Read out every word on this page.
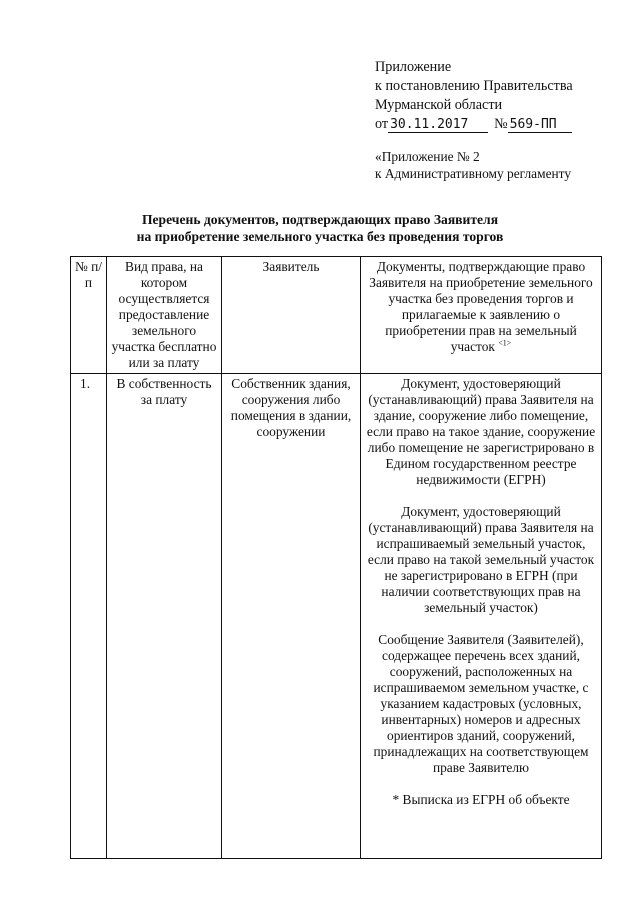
Приложение
к постановлению Правительства
Мурманской области
от 30.11.2017 № 569-ПП
«Приложение № 2
к Административному регламенту
Перечень документов, подтверждающих право Заявителя
на приобретение земельного участка без проведения торгов
№ п/п	Вид права, на котором осуществляется предоставление земельного участка бесплатно или за плату	Заявитель	Документы, подтверждающие право Заявителя на приобретение земельного участка без проведения торгов и прилагаемые к заявлению о приобретении прав на земельный участок $^{<1>}$
1.	В собственность за плату	Собственник здания, сооружения либо помещения в здании, сооружении	Документ, удостоверяющий (устанавливающий) права Заявителя на здание, сооружение либо помещение, если право на такое здание, сооружение либо помещение не зарегистрировано в Едином государственном реестре недвижимости (ЕГРН)

Документ, удостоверяющий (устанавливающий) права Заявителя на испрашиваемый земельный участок, если право на такой земельный участок не зарегистрировано в ЕГРН (при наличии соответствующих прав на земельный участок)

Сообщение Заявителя (Заявителей), содержащее перечень всех зданий, сооружений, расположенных на испрашиваемом земельном участке, с указанием кадастровых (условных, инвентарных) номеров и адресных ориентиров зданий, сооружений, принадлежащих на соответствующем праве Заявителю

* Выписка из ЕГРН об объекте
